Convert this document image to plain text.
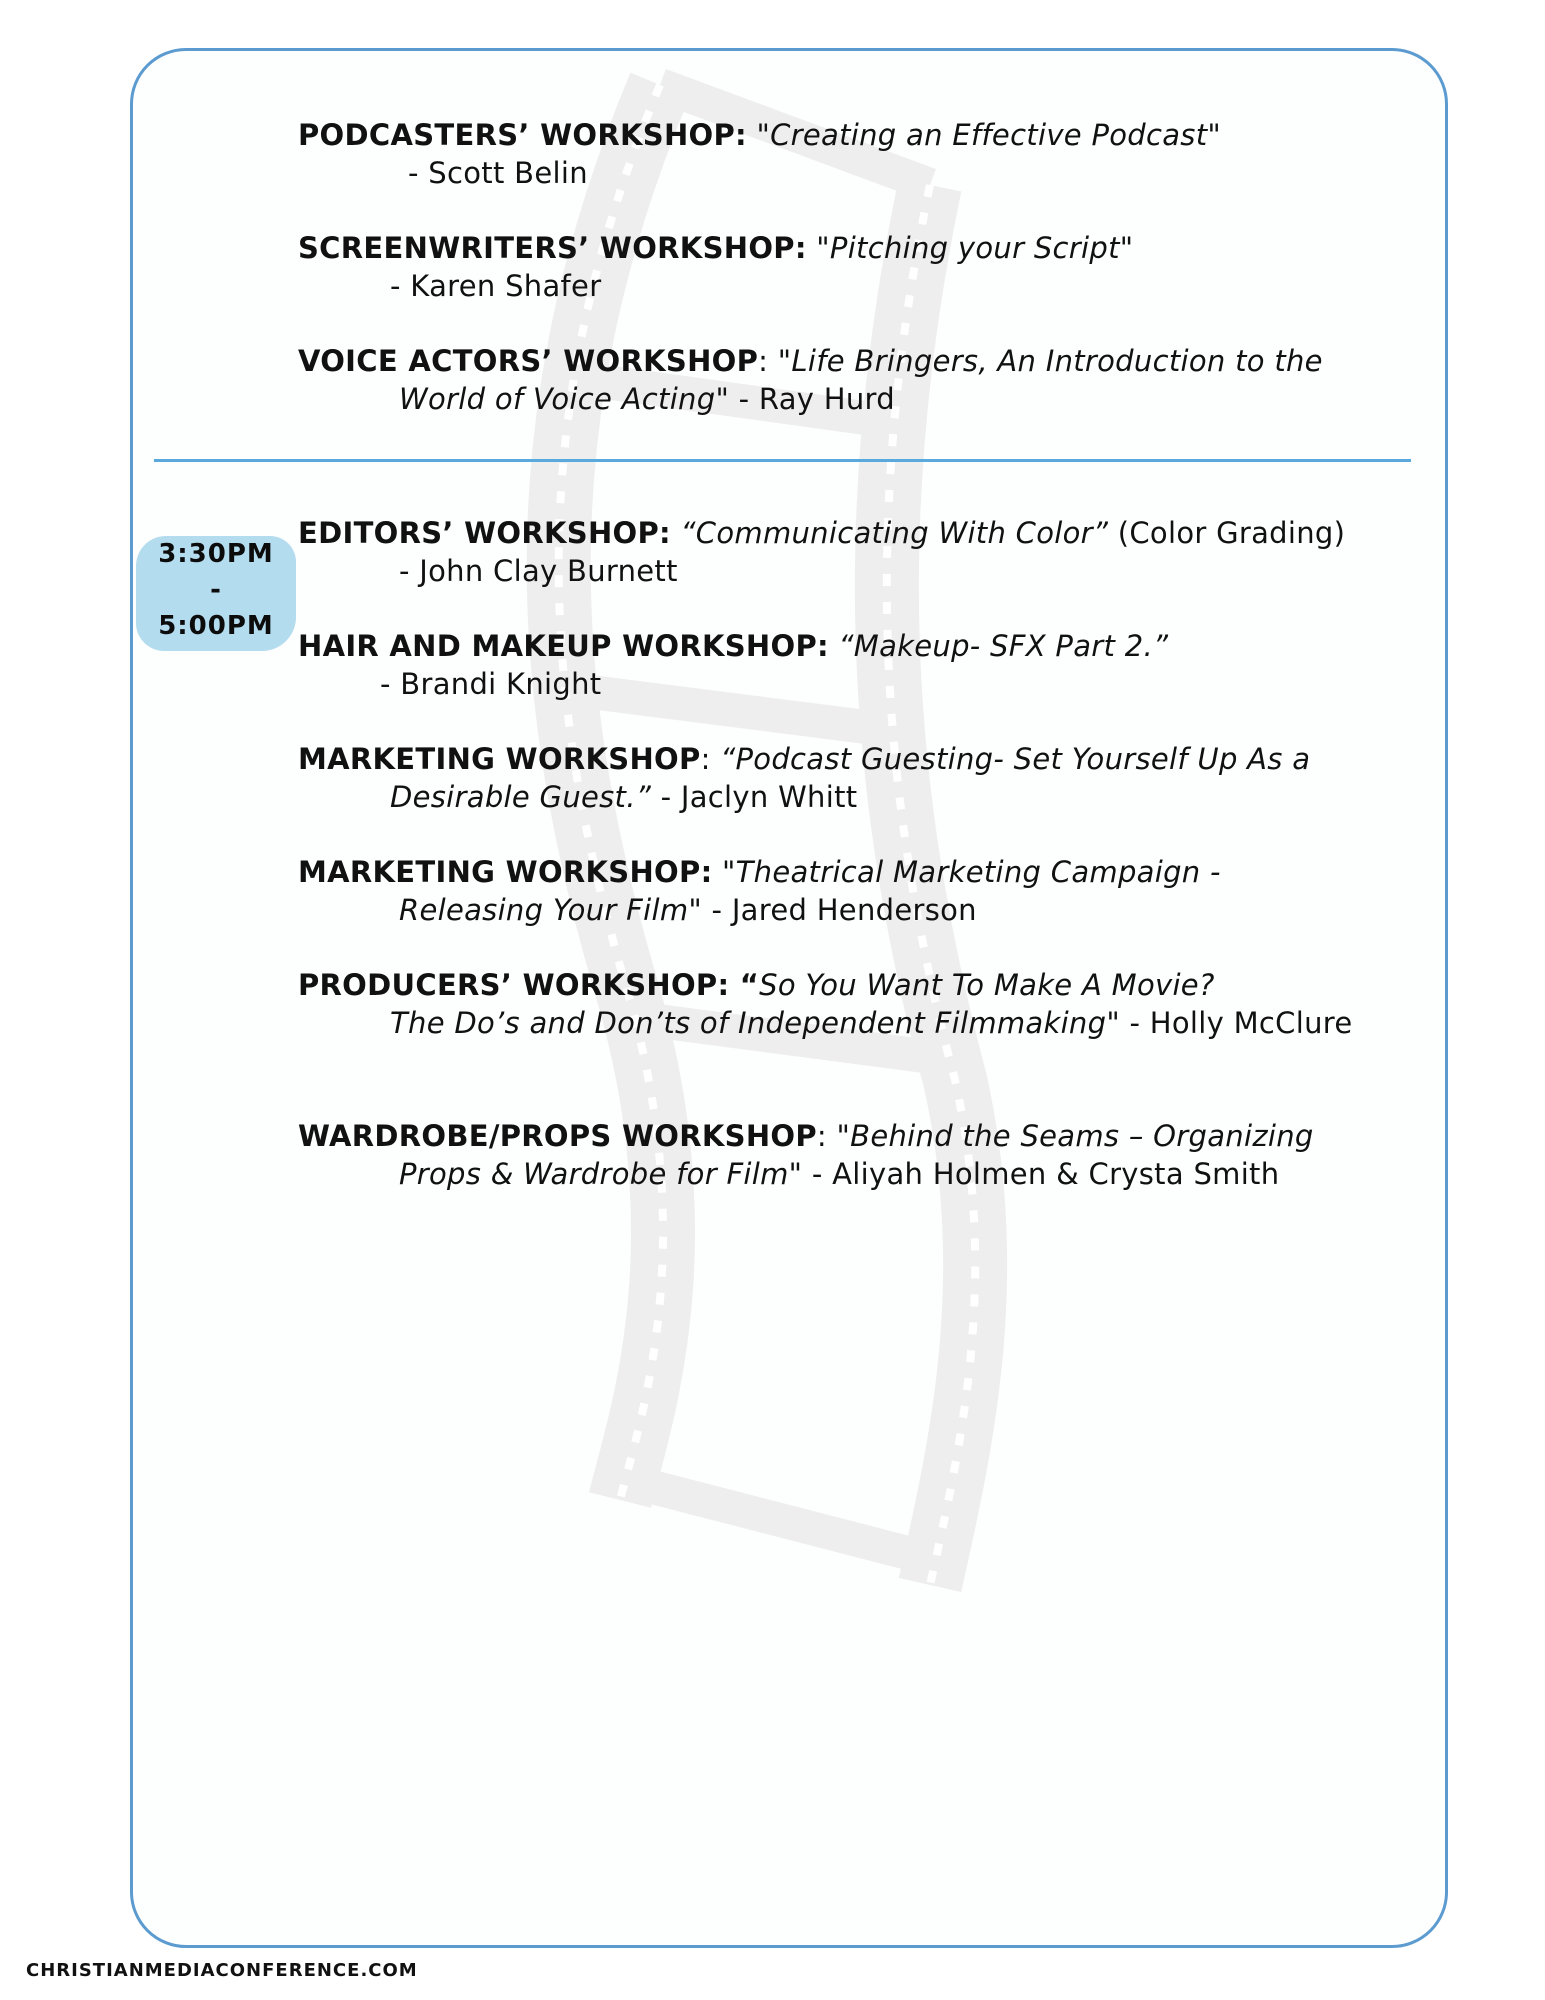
3:30PM
-
5:00PM
PODCASTERS’ WORKSHOP: "Creating an Effective Podcast"
- Scott Belin
SCREENWRITERS’ WORKSHOP: "Pitching your Script"
- Karen Shafer
VOICE ACTORS’ WORKSHOP: "Life Bringers, An Introduction to the
World of Voice Acting" - Ray Hurd
EDITORS’ WORKSHOP: “Communicating With Color” (Color Grading)
- John Clay Burnett
HAIR AND MAKEUP WORKSHOP: “Makeup- SFX Part 2.”
- Brandi Knight
MARKETING WORKSHOP: “Podcast Guesting- Set Yourself Up As a
Desirable Guest.” - Jaclyn Whitt
MARKETING WORKSHOP: "Theatrical Marketing Campaign -
Releasing Your Film" - Jared Henderson
PRODUCERS’ WORKSHOP: “So You Want To Make A Movie?
The Do’s and Don’ts of Independent Filmmaking" - Holly McClure
WARDROBE/PROPS WORKSHOP: "Behind the Seams – Organizing
Props & Wardrobe for Film" - Aliyah Holmen & Crysta Smith
CHRISTIANMEDIACONFERENCE.COM
